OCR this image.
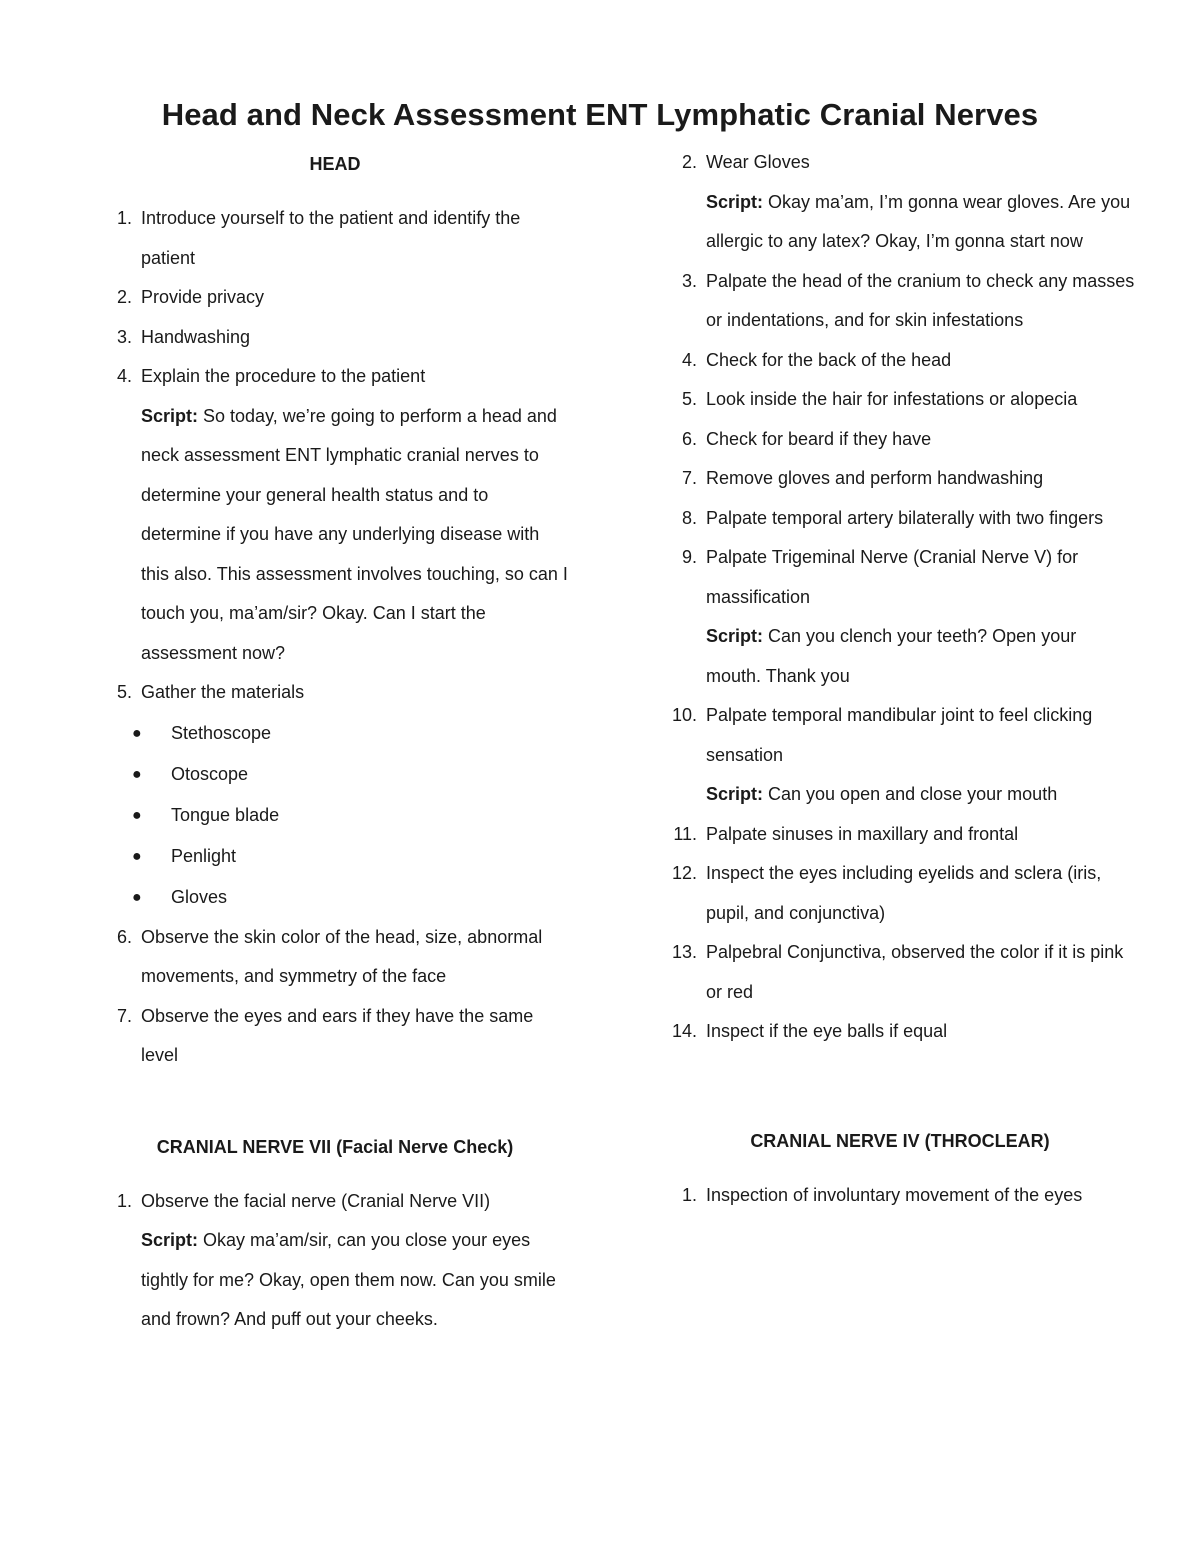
Head and Neck Assessment ENT Lymphatic Cranial Nerves
HEAD
1. Introduce yourself to the patient and identify the patient
2. Provide privacy
3. Handwashing
4. Explain the procedure to the patient
Script: So today, we’re going to perform a head and neck assessment ENT lymphatic cranial nerves to determine your general health status and to determine if you have any underlying disease with this also. This assessment involves touching, so can I touch you, ma’am/sir? Okay. Can I start the assessment now?
5. Gather the materials
● Stethoscope
● Otoscope
● Tongue blade
● Penlight
● Gloves
6. Observe the skin color of the head, size, abnormal movements, and symmetry of the face
7. Observe the eyes and ears if they have the same level
CRANIAL NERVE VII (Facial Nerve Check)
1. Observe the facial nerve (Cranial Nerve VII)
Script: Okay ma’am/sir, can you close your eyes tightly for me? Okay, open them now. Can you smile and frown? And puff out your cheeks.
2. Wear Gloves
Script: Okay ma’am, I’m gonna wear gloves. Are you allergic to any latex? Okay, I’m gonna start now
3. Palpate the head of the cranium to check any masses or indentations, and for skin infestations
4. Check for the back of the head
5. Look inside the hair for infestations or alopecia
6. Check for beard if they have
7. Remove gloves and perform handwashing
8. Palpate temporal artery bilaterally with two fingers
9. Palpate Trigeminal Nerve (Cranial Nerve V) for massification
Script: Can you clench your teeth? Open your mouth. Thank you
10. Palpate temporal mandibular joint to feel clicking sensation
Script: Can you open and close your mouth
11. Palpate sinuses in maxillary and frontal
12. Inspect the eyes including eyelids and sclera (iris, pupil, and conjunctiva)
13. Palpebral Conjunctiva, observed the color if it is pink or red
14. Inspect if the eye balls if equal
CRANIAL NERVE IV (THROCLEAR)
1. Inspection of involuntary movement of the eyes
